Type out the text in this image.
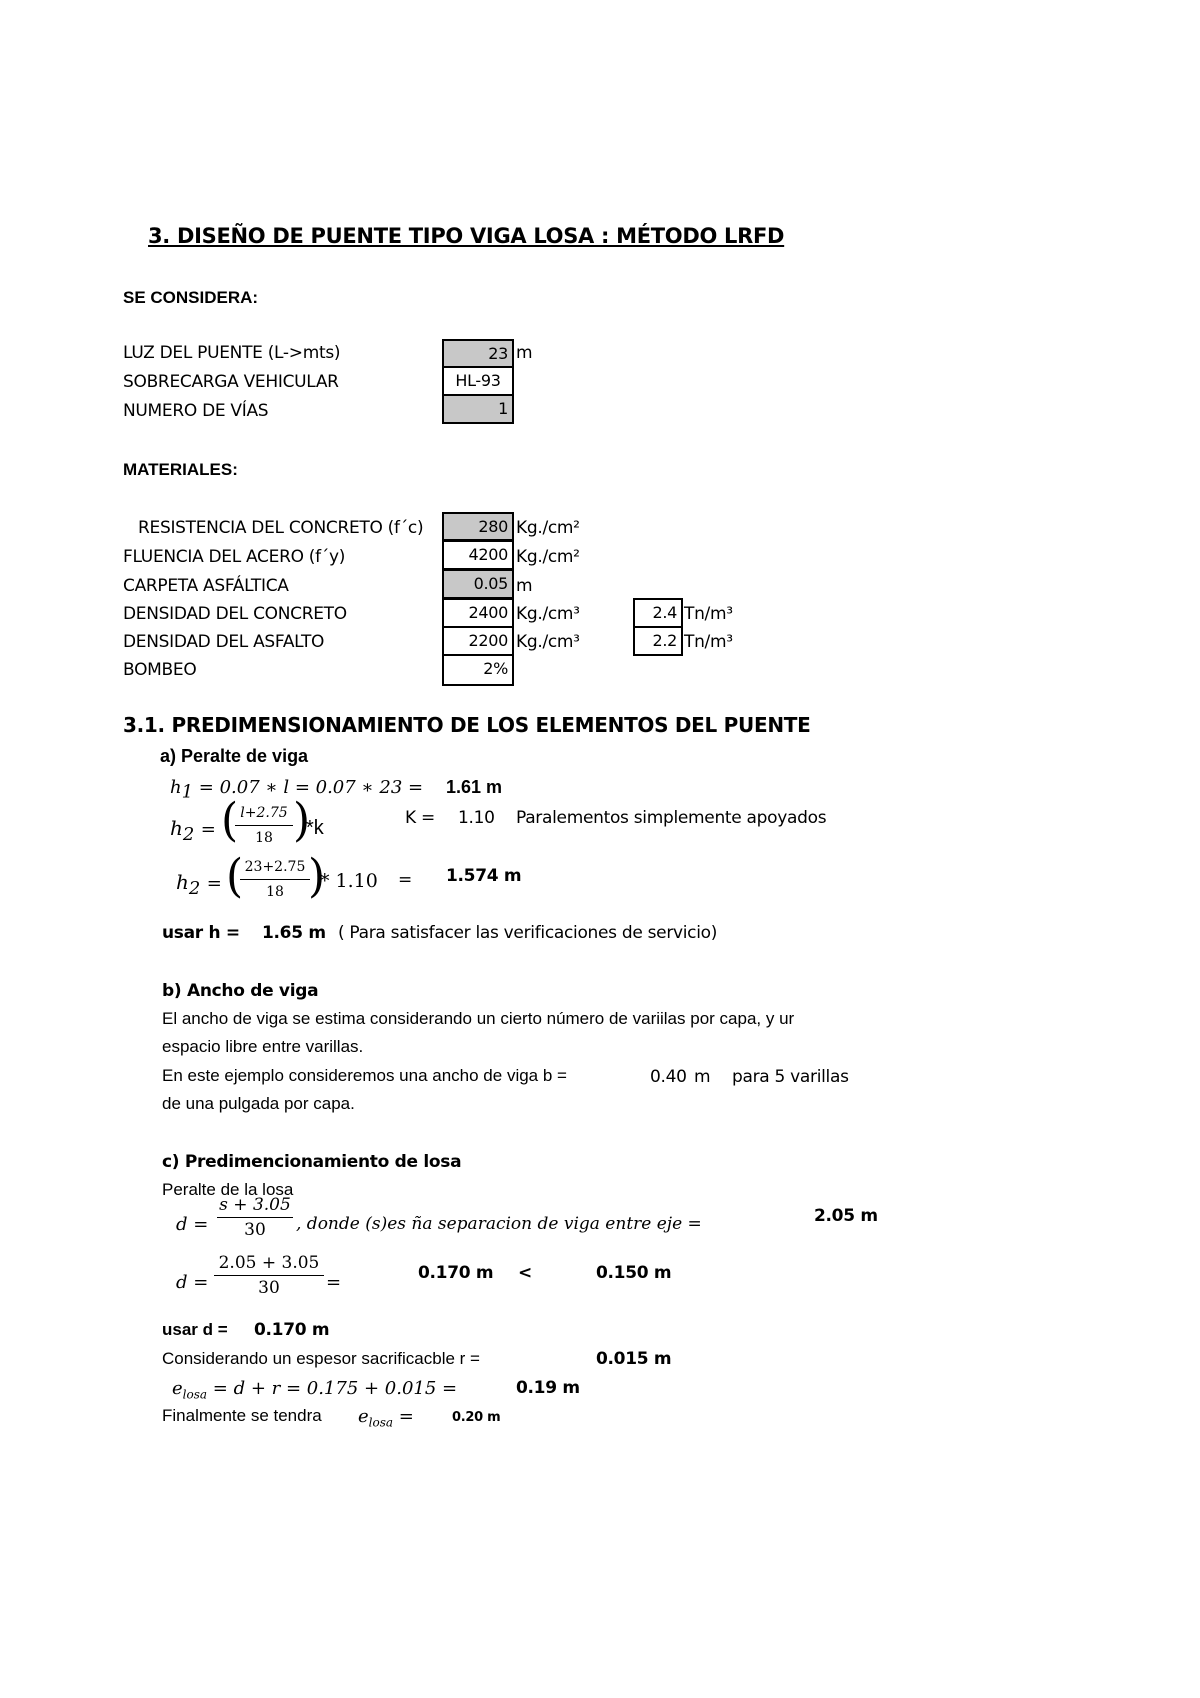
3. DISEÑO DE PUENTE TIPO VIGA LOSA : MÉTODO LRFD
SE CONSIDERA:
LUZ DEL PUENTE (L->mts)	23 m
SOBRECARGA VEHICULAR	HL-93
NUMERO DE VÍAS	1
MATERIALES:
RESISTENCIA DEL CONCRETO (f´c)	280 Kg./cm²
FLUENCIA DEL ACERO (f´y)	4200 Kg./cm²
CARPETA ASFÁLTICA	0.05 m
DENSIDAD DEL CONCRETO	2400 Kg./cm³	2.4 Tn/m³
DENSIDAD DEL ASFALTO	2200 Kg./cm³	2.2 Tn/m³
BOMBEO	2%
3.1. PREDIMENSIONAMIENTO DE LOS ELEMENTOS DEL PUENTE
a) Peralte de viga
$h_1 = 0.07$ ∗ l = 0.07 ∗ 23 = 1.61 m
$h_2$ = ( l+2.75
18 )
*k	K = 1.10 Paralementos simplemente apoyados
$h_2$ = ( 23+2.75
18 )
* 1.10 = 1.574 m
usar h = 1.65 m ( Para satisfacer las verificaciones de servicio)
b) Ancho de viga
El ancho de viga se estima considerando un cierto número de variilas por capa, y ur
espacio libre entre varillas.
En este ejemplo consideremos una ancho de viga b =	0.40 m para 5 varillas
de una pulgada por capa.
c) Predimencionamiento de losa
Peralte de la losa
d =
s + 3.05
30	, donde (s)es ña separacion de viga entre eje =	2.05 m
d =
2.05 + 3.05
30	=	0.170 m <	0.150 m
usar d = 0.170 m
Considerando un espesor sacrificacble r =	0.015 m
$e_{losa} = d + r = 0.175 + 0.015$ =	0.19 m
Finalmente se tendra $e_{losa}$ =	0.20 m
